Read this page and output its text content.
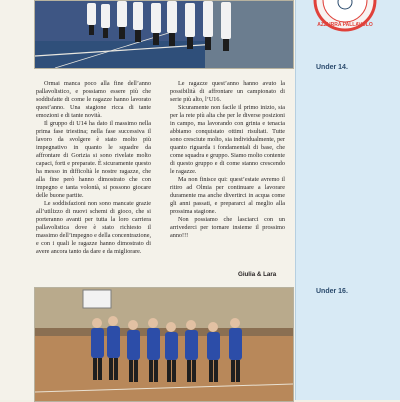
Ormai manca poco alla fine dell’anno pallavolistico, e possiamo essere più che soddisfatte di come le ragazze hanno lavorato quest’anno. Una stagione ricca di tante emozioni e di tante novità.

Il gruppo di U14 ha dato il massimo nella prima fase triestina; nella fase successiva il lavoro da svolgere è stato molto più impegnativo in quanto le squadre da affrontare di Gorizia si sono rivelate molto capaci, forti e preparate. È sicuramente questo ha messo in difficoltà le nostre ragazze, che alla fine però hanno dimostrato che con impegno e tanta volontà, si possono giocare delle buone partite.

Le soddisfazioni non sono mancate grazie all’utilizzo di nuovi schemi di gioco, che si porteranno avanti per tutta la loro carriera pallavolistica dove è stato richiesto il massimo dell’impegno e della concentrazione, e con i quali le ragazze hanno dimostrato di avere ancora tanto da dare e da migliorare.

Le ragazze quest’anno hanno avuto la possibilità di affrontare un campionato di serie più alto, l’U16.

Sicuramente non facile il primo inizio, sia per la rete più alta che per le diverse posizioni in campo, ma lavorando con grinta e tenacia abbiamo conquistato ottimi risultati. Tutte sono cresciute molto, sia individualmente, per quanto riguarda i fondamentali di base, che come squadra e gruppo. Siamo molto contente di questo gruppo e di come stanno crescendo le ragazze.

Ma non finisce qui: quest’estate avremo il ritiro ad Olmia per continuare a lavorare duramente ma anche divertirci in acqua come gli anni passati, e prepararci al meglio alla prossima stagione.

Non possiamo che lasciarci con un arrivederci per tornare insieme il prossimo anno!!!

Giulia & Lara
AZZURRA PALLAVOLO
Under 14.
Under 16.
